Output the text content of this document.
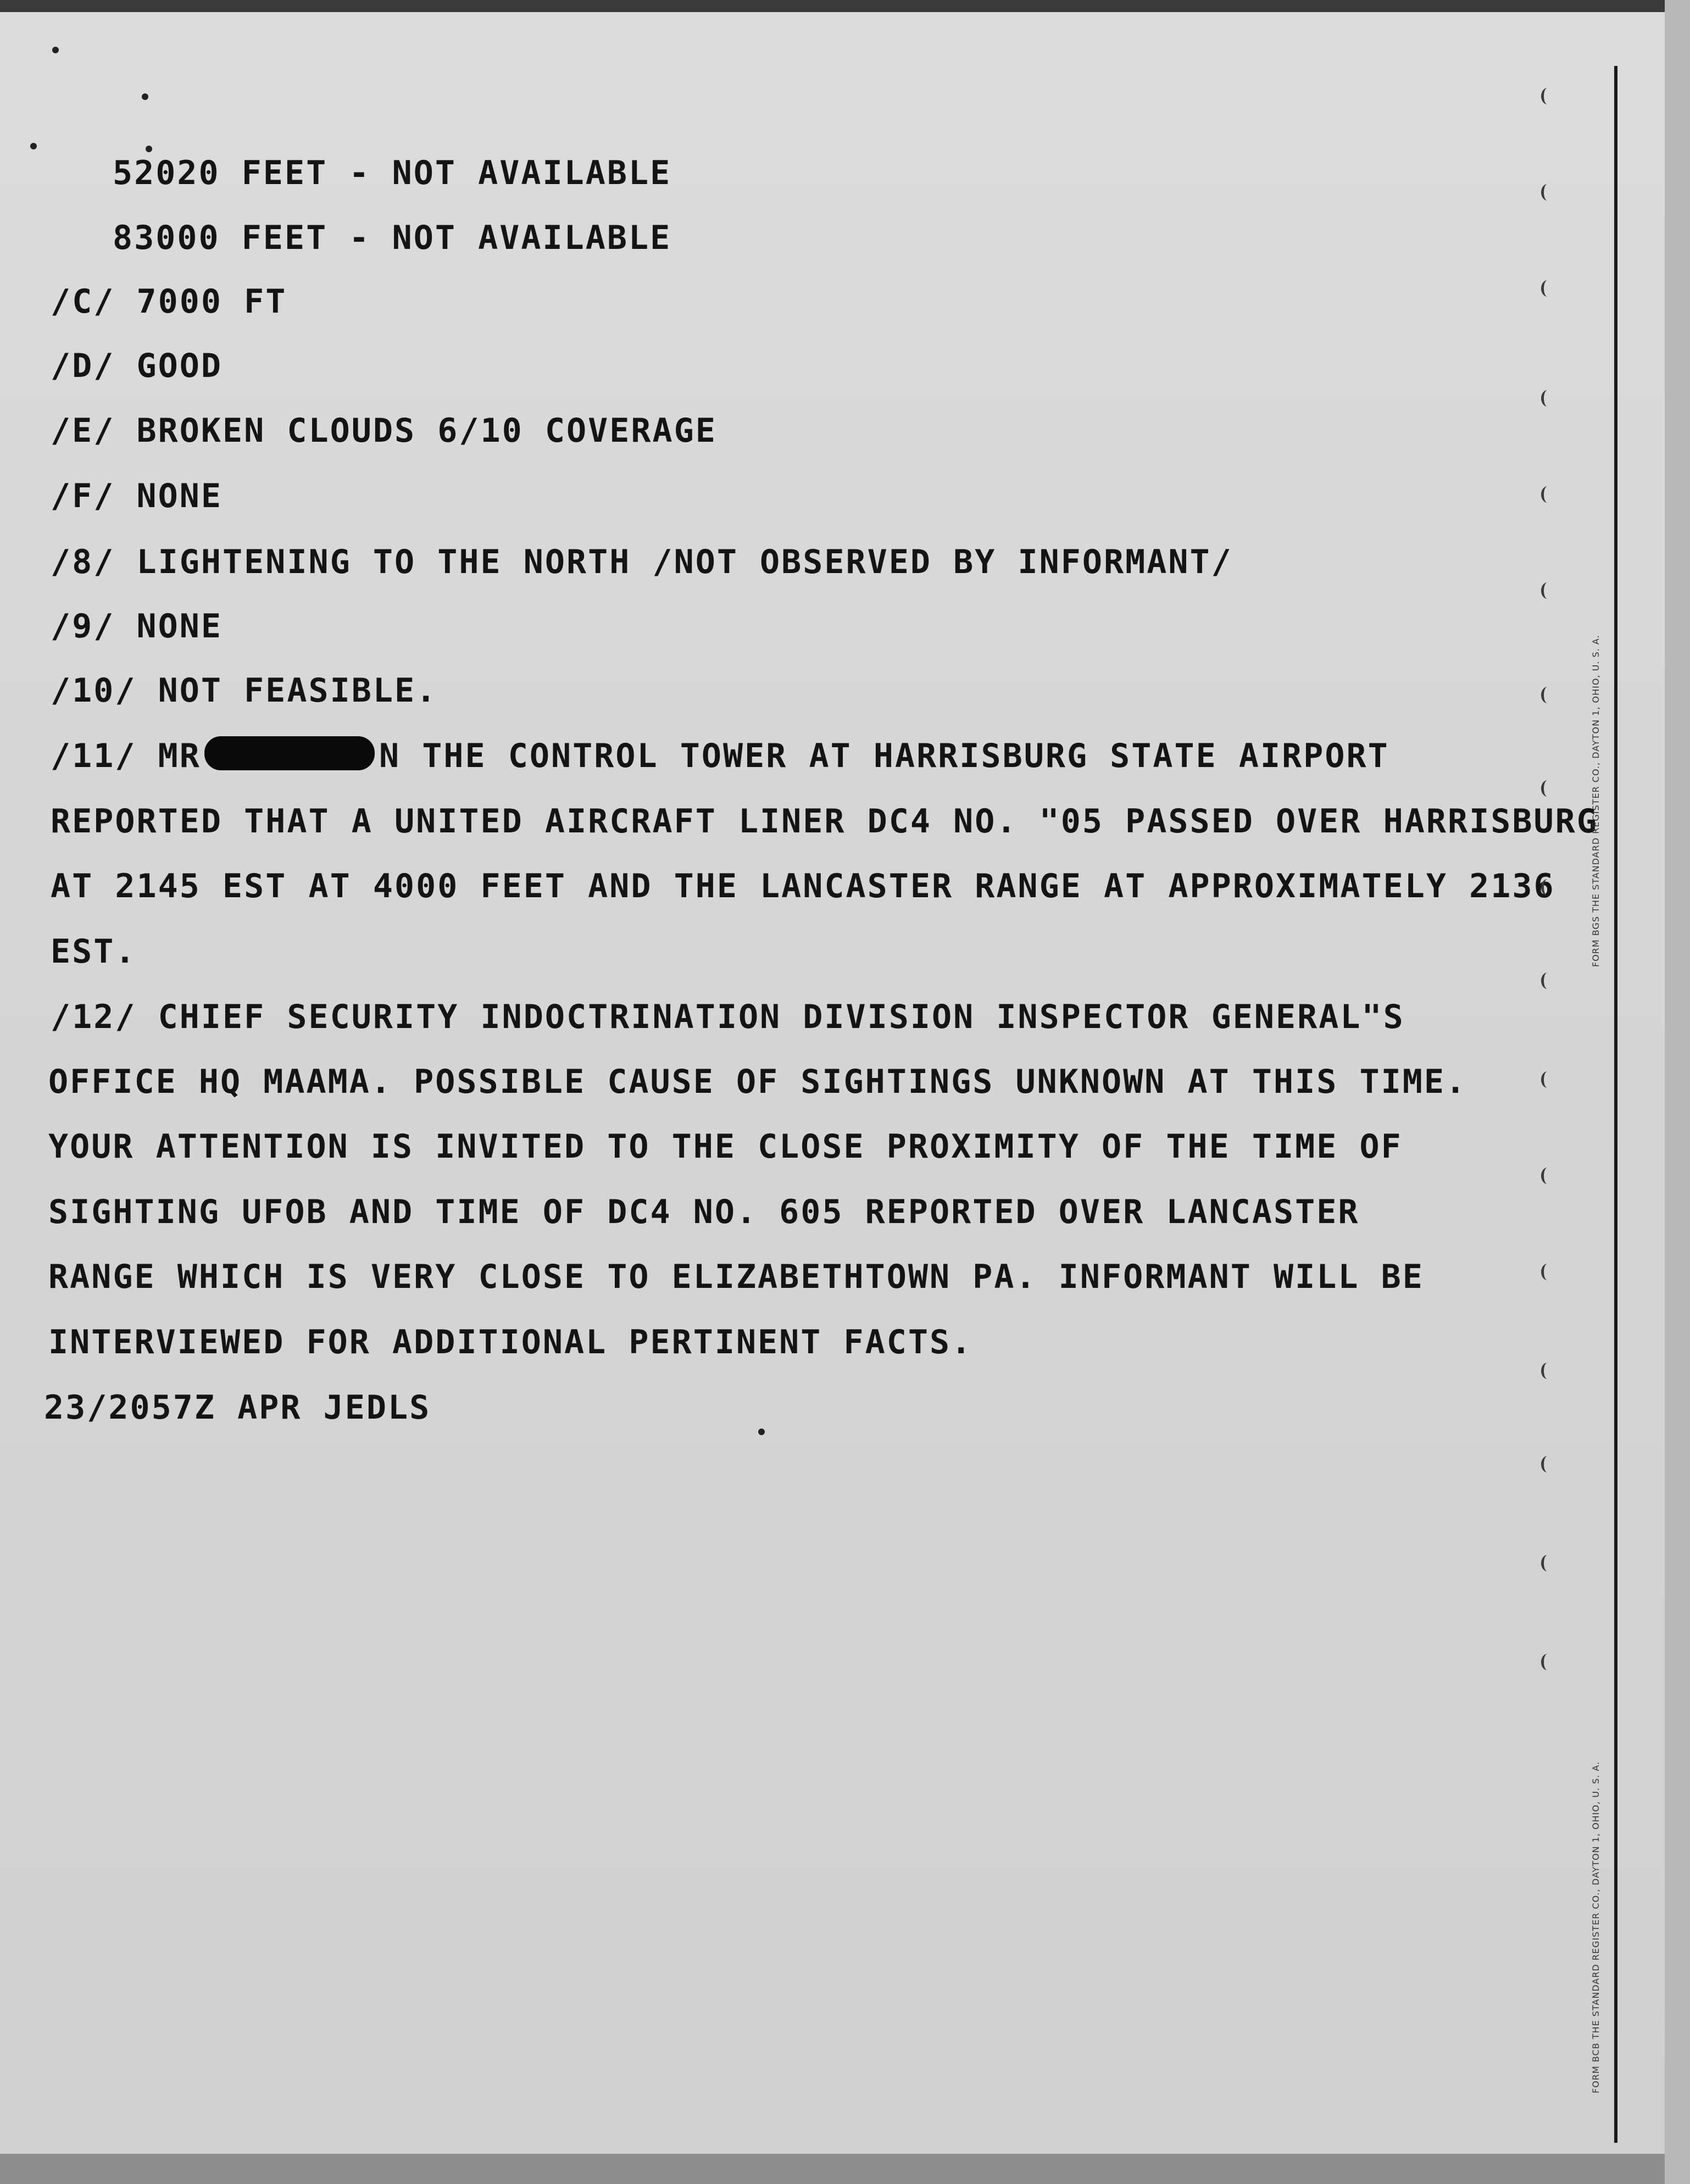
52020 FEET - NOT AVAILABLE
83000 FEET - NOT AVAILABLE
/C/ 7000 FT
/D/ GOOD
/E/ BROKEN CLOUDS 6/10 COVERAGE
/F/ NONE
/8/ LIGHTENING TO THE NORTH /NOT OBSERVED BY INFORMANT/
/9/ NONE
/10/ NOT FEASIBLE.
/11/ MR	N THE CONTROL TOWER AT HARRISBURG STATE AIRPORT
REPORTED THAT A UNITED AIRCRAFT LINER DC4 NO. "05 PASSED OVER HARRISBURG
AT 2145 EST AT 4000 FEET AND THE LANCASTER RANGE AT APPROXIMATELY 2136
EST.
/12/ CHIEF SECURITY INDOCTRINATION DIVISION INSPECTOR GENERAL"S
OFFICE HQ MAAMA. POSSIBLE CAUSE OF SIGHTINGS UNKNOWN AT THIS TIME.
YOUR ATTENTION IS INVITED TO THE CLOSE PROXIMITY OF THE TIME OF
SIGHTING UFOB AND TIME OF DC4 NO. 605 REPORTED OVER LANCASTER
RANGE WHICH IS VERY CLOSE TO ELIZABETHTOWN PA. INFORMANT WILL BE
INTERVIEWED FOR ADDITIONAL PERTINENT FACTS.
23/2057Z APR JEDLS
FORM BGS THE STANDARD REGISTER CO., DAYTON 1, OHIO, U. S. A.
FORM BCB THE STANDARD REGISTER CO., DAYTON 1, OHIO, U. S. A.
